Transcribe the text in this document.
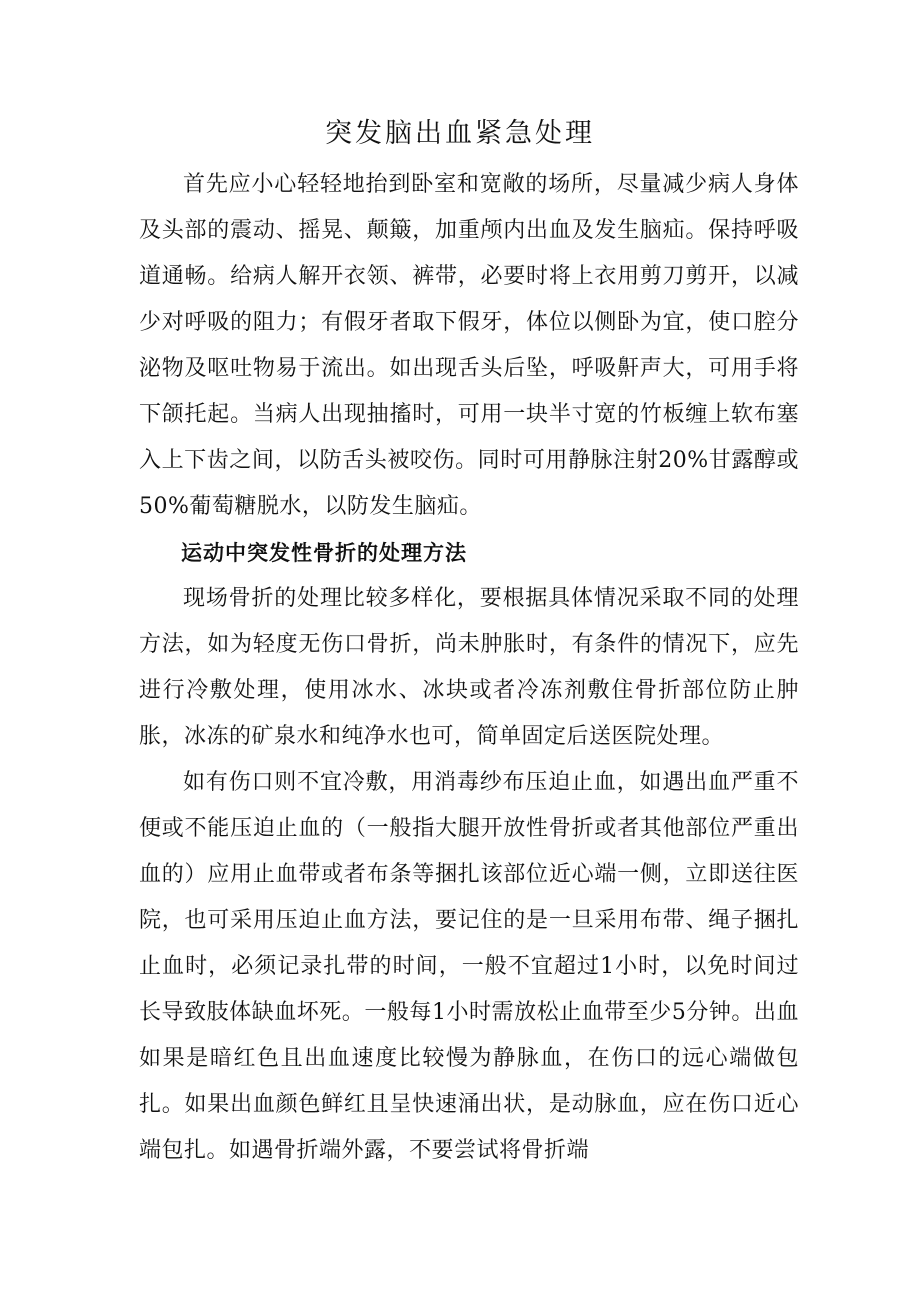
突发脑出血紧急处理

首先应小心轻轻地抬到卧室和宽敞的场所，尽量减少病人身体及头部的震动、摇晃、颠簸，加重颅内出血及发生脑疝。保持呼吸道通畅。给病人解开衣领、裤带，必要时将上衣用剪刀剪开，以减少对呼吸的阻力；有假牙者取下假牙，体位以侧卧为宜，使口腔分泌物及呕吐物易于流出。如出现舌头后坠，呼吸鼾声大，可用手将下颌托起。当病人出现抽搐时，可用一块半寸宽的竹板缠上软布塞入上下齿之间，以防舌头被咬伤。同时可用静脉注射20%甘露醇或50%葡萄糖脱水，以防发生脑疝。

运动中突发性骨折的处理方法

现场骨折的处理比较多样化，要根据具体情况采取不同的处理方法，如为轻度无伤口骨折，尚未肿胀时，有条件的情况下，应先进行冷敷处理，使用冰水、冰块或者冷冻剂敷住骨折部位防止肿胀，冰冻的矿泉水和纯净水也可，简单固定后送医院处理。

如有伤口则不宜冷敷，用消毒纱布压迫止血，如遇出血严重不便或不能压迫止血的（一般指大腿开放性骨折或者其他部位严重出血的）应用止血带或者布条等捆扎该部位近心端一侧，立即送往医院，也可采用压迫止血方法，要记住的是一旦采用布带、绳子捆扎止血时，必须记录扎带的时间，一般不宜超过1小时，以免时间过长导致肢体缺血坏死。一般每1小时需放松止血带至少5分钟。出血如果是暗红色且出血速度比较慢为静脉血，在伤口的远心端做包扎。如果出血颜色鲜红且呈快速涌出状，是动脉血，应在伤口近心端包扎。如遇骨折端外露，不要尝试将骨折端
